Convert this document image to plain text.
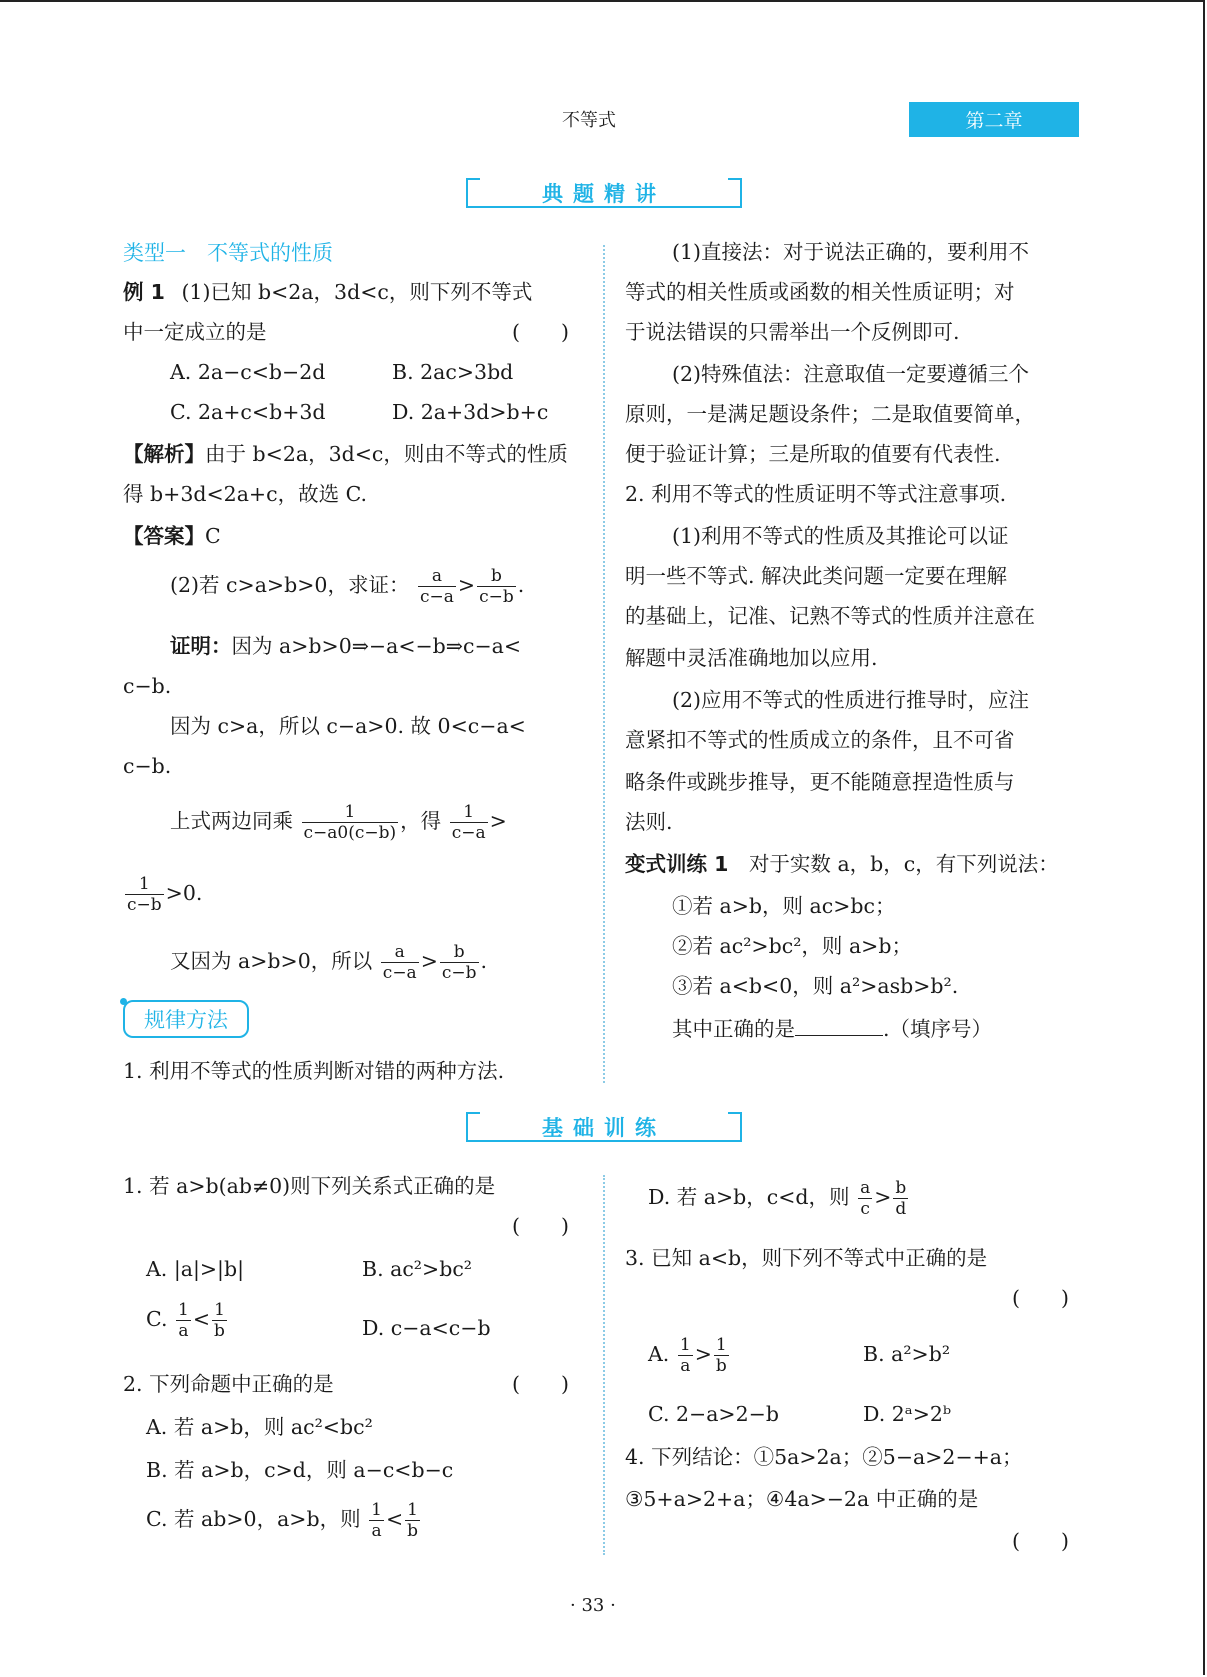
不等式	第二章
典题精讲
类型一　不等式的性质
例 1 (1)已知 b<2a，3d<c，则下列不等式
中一定成立的是	(　　)
A. 2a−c<b−2d	B. 2ac>3bd
C. 2a+c<b+3d	D. 2a+3d>b+c
【解析】由于 b<2a，3d<c，则由不等式的性质
得 b+3d<2a+c，故选 C.
【答案】C
(2)若 c>a>b>0，求证： $\frac{a}{c-a} > \frac{b}{c-b}$ .
证明：因为 a>b>0⇒−a<−b⇒c−a<
c−b.
因为 c>a，所以 c−a>0. 故 0<c−a<
c−b.
上式两边同乘 $\frac{1}{c-a0(c-b)}$ ，得 $\frac{1}{c-a}$ >
$\frac{1}{c-b} >0$.
又因为 a>b>0，所以 $\frac{a}{c-a} > \frac{b}{c-b}$ .
规律方法
1. 利用不等式的性质判断对错的两种方法.
(1)直接法：对于说法正确的，要利用不
等式的相关性质或函数的相关性质证明；对
于说法错误的只需举出一个反例即可.
(2)特殊值法：注意取值一定要遵循三个
原则，一是满足题设条件；二是取值要简单，
便于验证计算；三是所取的值要有代表性.
2. 利用不等式的性质证明不等式注意事项.
(1)利用不等式的性质及其推论可以证
明一些不等式. 解决此类问题一定要在理解
的基础上，记准、记熟不等式的性质并注意在
解题中灵活准确地加以应用.
(2)应用不等式的性质进行推导时，应注
意紧扣不等式的性质成立的条件，且不可省
略条件或跳步推导，更不能随意捏造性质与
法则.
变式训练 1 对于实数 a，b，c，有下列说法：
①若 a>b，则 ac>bc；
②若 ac²>bc²，则 a>b；
③若 a<b<0，则 a²>asb>b².
其中正确的是	.（填序号）
基础训练
1. 若 a>b(ab≠0)则下列关系式正确的是
(　　)
A. |a|>|b|	B. ac²>bc²
C. $\frac{1}{a} < \frac{1}{b}$	D. c−a<c−b
2. 下列命题中正确的是	(　　)
A. 若 a>b，则 ac²<bc²
B. 若 a>b，c>d，则 a−c<b−c
C. 若 ab>0，a>b，则 $\frac{1}{a} < \frac{1}{b}$
D. 若 a>b，c<d，则 $\frac{a}{c} > \frac{b}{d}$
3. 已知 a<b，则下列不等式中正确的是
(　　)
A. $\frac{1}{a} > \frac{1}{b}$	B. a²>b²
C. 2−a>2−b	D. 2ᵃ>2ᵇ
4. 下列结论：①5a>2a；②5−a>2−+a；
③5+a>2+a；④4a>−2a 中正确的是
(　　)
· 33 ·
